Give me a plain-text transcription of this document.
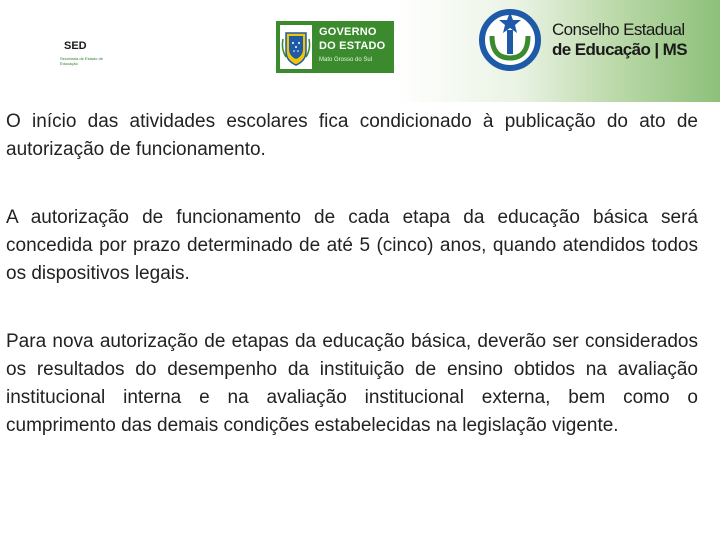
SED
Secretaria de Estado de Educação
GOVERNO
DO ESTADO
Mato Grosso do Sul
Conselho Estadual
de Educação | MS

O início das atividades escolares fica condicionado à publicação do ato de autorização de funcionamento.

A autorização de funcionamento de cada etapa da educação básica será concedida por prazo determinado de até 5 (cinco) anos, quando atendidos todos os dispositivos legais.

Para nova autorização de etapas da educação básica, deverão ser considerados os resultados do desempenho da instituição de ensino obtidos na avaliação institucional interna e na avaliação institucional externa, bem como o cumprimento das demais condições estabelecidas na legislação vigente.
